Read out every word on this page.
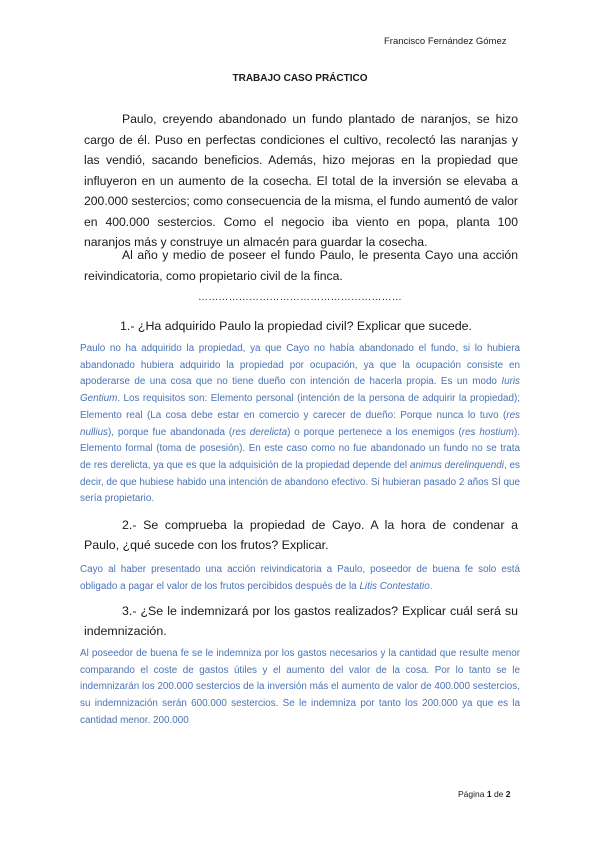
Francisco Fernández Gómez
TRABAJO CASO PRÁCTICO

Paulo, creyendo abandonado un fundo plantado de naranjos, se hizo cargo de él. Puso en perfectas condiciones el cultivo, recolectó las naranjas y las vendió, sacando beneficios. Además, hizo mejoras en la propiedad que influyeron en un aumento de la cosecha. El total de la inversión se elevaba a 200.000 sestercios; como consecuencia de la misma, el fundo aumentó de valor en 400.000 sestercios. Como el negocio iba viento en popa, planta 100 naranjos más y construye un almacén para guardar la cosecha.

Al año y medio de poseer el fundo Paulo, le presenta Cayo una acción reivindicatoria, como propietario civil de la finca.

……………………………………………………
1.- ¿Ha adquirido Paulo la propiedad civil? Explicar que sucede.
Paulo no ha adquirido la propiedad, ya que Cayo no había abandonado el fundo, si lo hubiera abandonado hubiera adquirido la propiedad por ocupación, ya que la ocupación consiste en apoderarse de una cosa que no tiene dueño con intención de hacerla propia. Es un modo Iuris Gentium. Los requisitos son: Elemento personal (intención de la persona de adquirir la propiedad); Elemento real (La cosa debe estar en comercio y carecer de dueño: Porque nunca lo tuvo (res nullius), porque fue abandonada (res derelicta) o porque pertenece a los enemigos (res hostium). Elemento formal (toma de posesión). En este caso como no fue abandonado un fundo no se trata de res derelicta, ya que es que la adquisición de la propiedad depende del animus derelinquendi, es decir, de que hubiese habido una intención de abandono efectivo. Si hubieran pasado 2 años SÍ que sería propietario.
2.- Se comprueba la propiedad de Cayo. A la hora de condenar a Paulo, ¿qué sucede con los frutos? Explicar.
Cayo al haber presentado una acción reivindicatoria a Paulo, poseedor de buena fe solo está obligado a pagar el valor de los frutos percibidos después de la Litis Contestatio.
3.- ¿Se le indemnizará por los gastos realizados? Explicar cuál será su indemnización.
Al poseedor de buena fe se le indemniza por los gastos necesarios y la cantidad que resulte menor comparando el coste de gastos útiles y el aumento del valor de la cosa. Por lo tanto se le indemnizarán los 200.000 sestercios de la inversión más el aumento de valor de 400.000 sestercios, su indemnización serán 600.000 sestercios. Se le indemniza por tanto los 200.000 ya que es la cantidad menor. 200.000
Página 1 de 2
